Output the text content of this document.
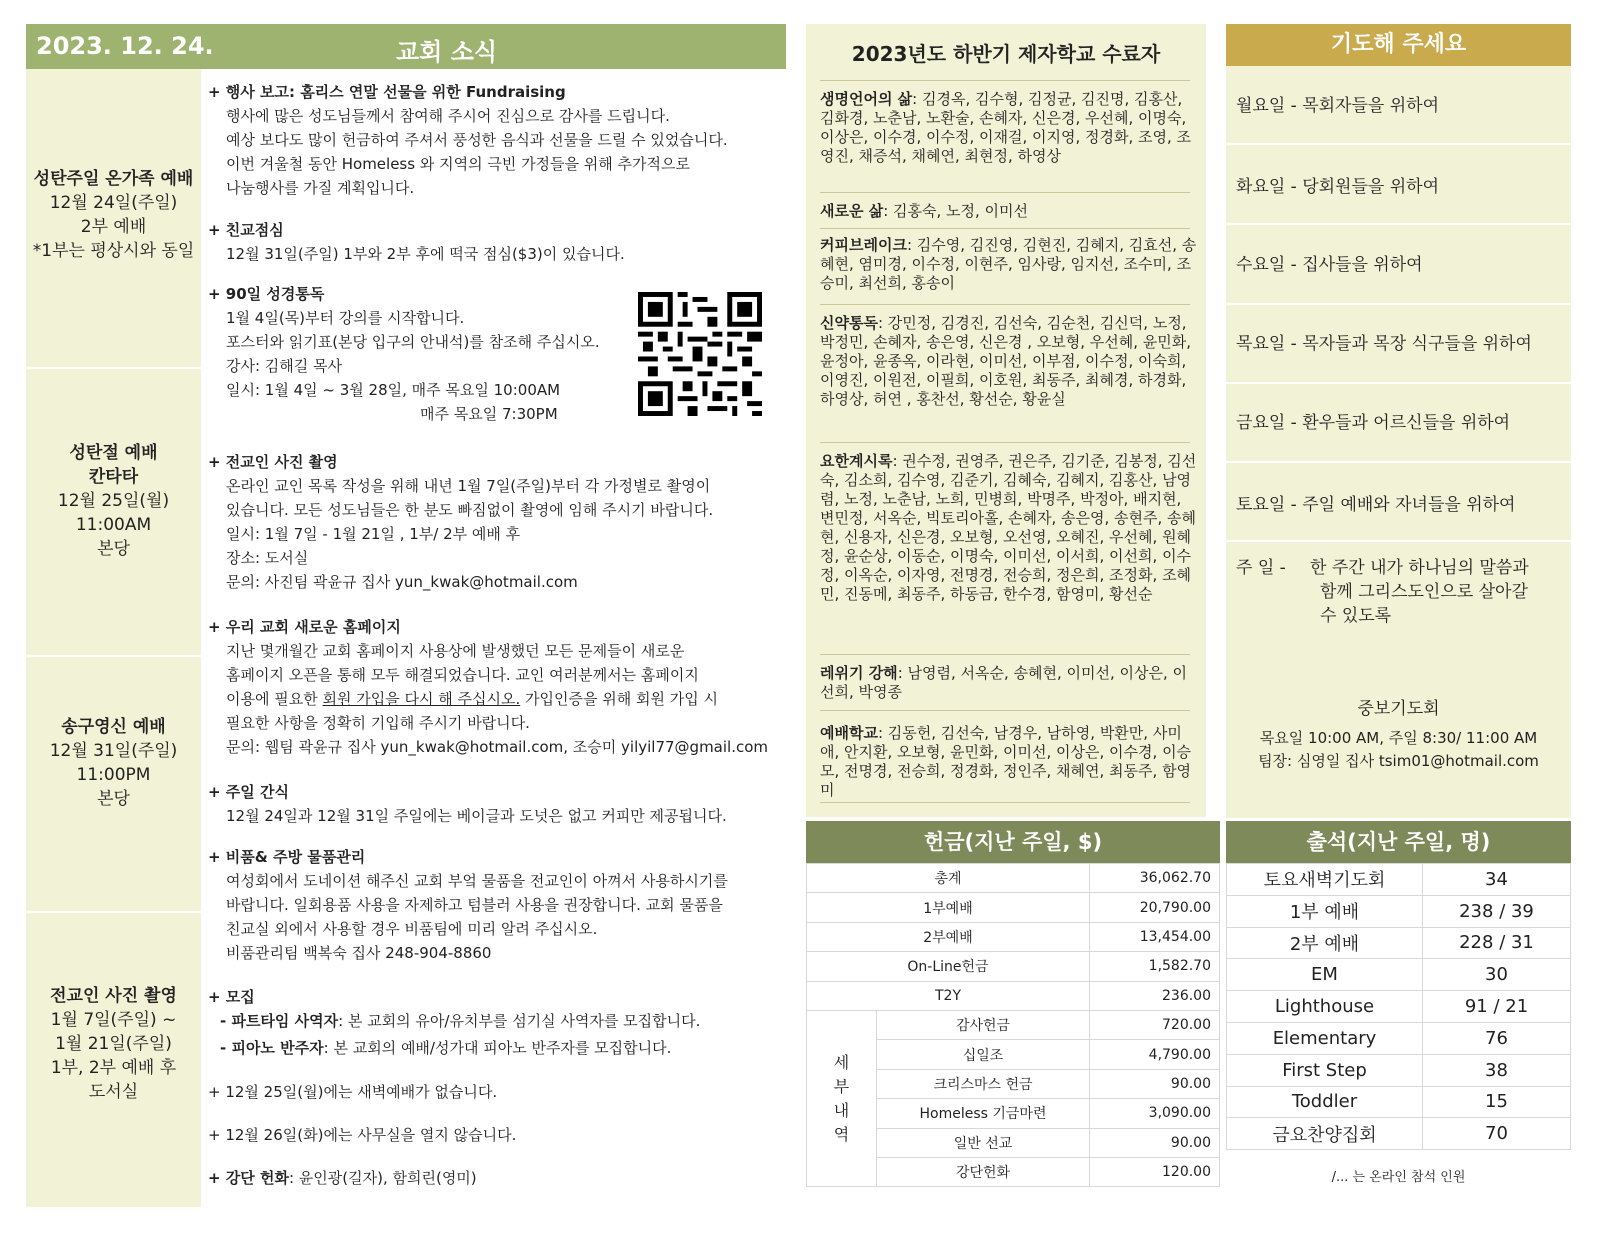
2023. 12. 24.	교회 소식
성탄주일 온가족 예배
12월 24일(주일)
2부 예배
*1부는 평상시와 동일
성탄절 예배
칸타타
12월 25일(월)
11:00AM
본당
송구영신 예배
12월 31일(주일)
11:00PM
본당
전교인 사진 촬영
1월 7일(주일) ~
1월 21일(주일)
1부, 2부 예배 후
도서실
+ 행사 보고: 홈리스 연말 선물을 위한 Fundraising
행사에 많은 성도님들께서 참여해 주시어 진심으로 감사를 드립니다.
예상 보다도 많이 헌금하여 주셔서 풍성한 음식과 선물을 드릴 수 있었습니다.
이번 겨울철 동안 Homeless 와 지역의 극빈 가정들을 위해 추가적으로
나눔행사를 가질 계획입니다.
+ 친교점심
12월 31일(주일) 1부와 2부 후에 떡국 점심($3)이 있습니다.
+ 90일 성경통독
1월 4일(목)부터 강의를 시작합니다.
포스터와 읽기표(본당 입구의 안내석)를 참조해 주십시오.
강사: 김해길 목사
일시: 1월 4일 ~ 3월 28일, 매주 목요일 10:00AM
매주 목요일 7:30PM
+ 전교인 사진 촬영
온라인 교인 목록 작성을 위해 내년 1월 7일(주일)부터 각 가정별로 촬영이
있습니다. 모든 성도님들은 한 분도 빠짐없이 촬영에 임해 주시기 바랍니다.
일시: 1월 7일 - 1월 21일 , 1부/ 2부 예배 후
장소: 도서실
문의: 사진팀 곽윤규 집사 yun_kwak@hotmail.com
+ 우리 교회 새로운 홈페이지
지난 몇개월간 교회 홈페이지 사용상에 발생했던 모든 문제들이 새로운
홈페이지 오픈을 통해 모두 해결되었습니다. 교인 여러분께서는 홈페이지
이용에 필요한 회원 가입을 다시 해 주십시오. 가입인증을 위해 회원 가입 시
필요한 사항을 정확히 기입해 주시기 바랍니다.
문의: 웹팀 곽윤규 집사 yun_kwak@hotmail.com, 조승미 yilyil77@gmail.com
+ 주일 간식
12월 24일과 12월 31일 주일에는 베이글과 도넛은 없고 커피만 제공됩니다.
+ 비품& 주방 물품관리
여성회에서 도네이션 해주신 교회 부엌 물품을 전교인이 아껴서 사용하시기를
바랍니다. 일회용품 사용을 자제하고 텀블러 사용을 권장합니다. 교회 물품을
친교실 외에서 사용할 경우 비품팀에 미리 알려 주십시오.
비품관리팀 백복숙 집사 248-904-8860
+ 모집
- 파트타임 사역자: 본 교회의 유아/유치부를 섬기실 사역자를 모집합니다.
- 피아노 반주자: 본 교회의 예배/성가대 피아노 반주자를 모집합니다.
+ 12월 25일(월)에는 새벽예배가 없습니다.
+ 12월 26일(화)에는 사무실을 열지 않습니다.
+ 강단 헌화: 윤인광(길자), 함희린(영미)
2023년도 하반기 제자학교 수료자
생명언어의 삶: 김경옥, 김수형, 김정균, 김진명, 김홍산, 김화경, 노춘남, 노환술, 손혜자, 신은경, 우선혜, 이명숙, 이상은, 이수경, 이수정, 이재걸, 이지영, 정경화, 조영, 조영진, 채증석, 채혜연, 최현정, 하영상
새로운 삶: 김홍숙, 노정, 이미선
커피브레이크: 김수영, 김진영, 김현진, 김혜지, 김효선, 송혜현, 염미경, 이수정, 이현주, 임사랑, 임지선, 조수미, 조승미, 최선희, 홍송이
신약통독: 강민정, 김경진, 김선숙, 김순천, 김신덕, 노정, 박정민, 손혜자, 송은영, 신은경 , 오보형, 우선혜, 윤민화, 윤정아, 윤종옥, 이라현, 이미선, 이부점, 이수정, 이숙희, 이영진, 이원전, 이필희, 이호원, 최동주, 최혜경, 하경화, 하영상, 허연 , 홍찬선, 황선순, 황윤실
요한계시록: 권수정, 권영주, 권은주, 김기준, 김봉정, 김선숙, 김소희, 김수영, 김준기, 김혜숙, 김혜지, 김홍산, 남영렴, 노정, 노춘남, 노희, 민병희, 박명주, 박정아, 배지현, 변민정, 서옥순, 빅토리아홀, 손혜자, 송은영, 송현주, 송혜현, 신용자, 신은경, 오보형, 오선영, 오혜진, 우선혜, 원혜정, 윤순상, 이동순, 이명숙, 이미선, 이서희, 이선희, 이수정, 이옥순, 이자영, 전명경, 전승희, 정은희, 조정화, 조혜민, 진동메, 최동주, 하동금, 한수경, 함영미, 황선순
레위기 강해: 남영렴, 서옥순, 송혜현, 이미선, 이상은, 이선희, 박영종
예배학교: 김동헌, 김선숙, 남경우, 남하영, 박환만, 사미애, 안지환, 오보형, 윤민화, 이미선, 이상은, 이수경, 이승모, 전명경, 전승희, 정경화, 정인주, 채혜연, 최동주, 함영미
기도해 주세요
월요일 - 목회자들을 위하여
화요일 - 당회원들을 위하여
수요일 - 집사들을 위하여
목요일 - 목자들과 목장 식구들을 위하여
금요일 - 환우들과 어르신들을 위하여
토요일 - 주일 예배와 자녀들을 위하여
주 일 - 한 주간 내가 하나님의 말씀과
함께 그리스도인으로 살아갈
수 있도록
중보기도회
목요일 10:00 AM, 주일 8:30/ 11:00 AM
팀장: 심영일 집사 tsim01@hotmail.com
헌금(지난 주일, $)
총계		36,062.70
1부예배		20,790.00
2부예배		13,454.00
On-Line헌금		1,582.70
T2Y		236.00

세
부
내
역	감사헌금	720.00
	십일조	4,790.00
	크리스마스 헌금	90.00
	Homeless 기금마련	3,090.00
	일반 선교	90.00
	강단헌화	120.00
출석(지난 주일, 명)
토요새벽기도회	34
1부 예배	238 / 39
2부 예배	228 / 31
EM	30
Lighthouse	91 / 21
Elementary	76
First Step	38
Toddler	15
금요찬양집회	70
/... 는 온라인 참석 인원
